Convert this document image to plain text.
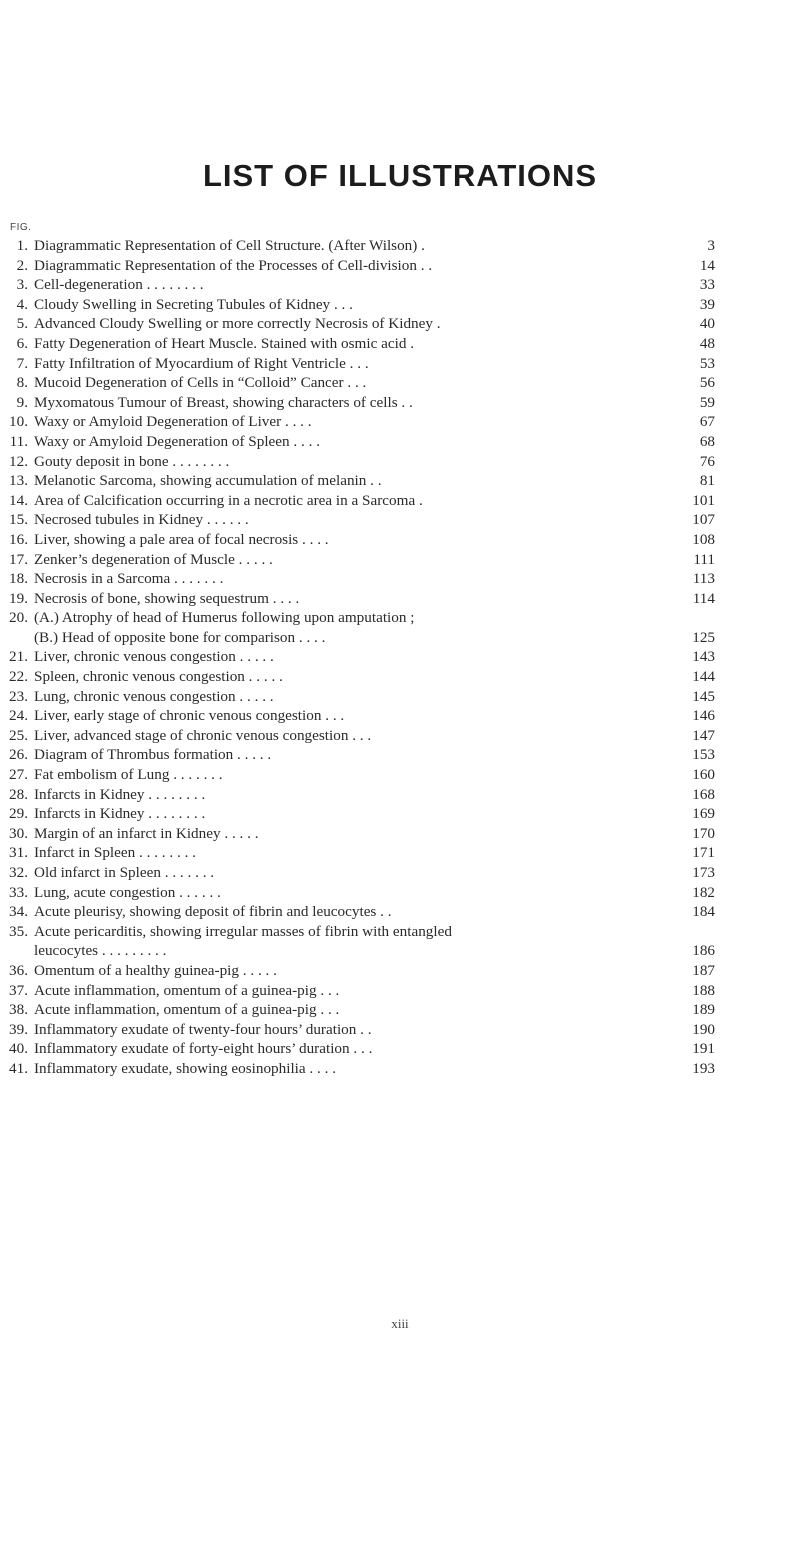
LIST OF ILLUSTRATIONS
FIG.
1. Diagrammatic Representation of Cell Structure. (After Wilson) .	3
2. Diagrammatic Representation of the Processes of Cell-division . .	14
3. Cell-degeneration . . . . . . . .	33
4. Cloudy Swelling in Secreting Tubules of Kidney . . .	39
5. Advanced Cloudy Swelling or more correctly Necrosis of Kidney .	40
6. Fatty Degeneration of Heart Muscle. Stained with osmic acid .	48
7. Fatty Infiltration of Myocardium of Right Ventricle . . .	53
8. Mucoid Degeneration of Cells in “Colloid” Cancer . . .	56
9. Myxomatous Tumour of Breast, showing characters of cells . .	59
10. Waxy or Amyloid Degeneration of Liver . . . .	67
11. Waxy or Amyloid Degeneration of Spleen . . . .	68
12. Gouty deposit in bone . . . . . . . .	76
13. Melanotic Sarcoma, showing accumulation of melanin . .	81
14. Area of Calcification occurring in a necrotic area in a Sarcoma .	101
15. Necrosed tubules in Kidney . . . . . .	107
16. Liver, showing a pale area of focal necrosis . . . .	108
17. Zenker’s degeneration of Muscle . . . . .	111
18. Necrosis in a Sarcoma . . . . . . .	113
19. Necrosis of bone, showing sequestrum . . . .	114
20. (A.) Atrophy of head of Humerus following upon amputation ;
(B.) Head of opposite bone for comparison . . . .	125
21. Liver, chronic venous congestion . . . . .	143
22. Spleen, chronic venous congestion . . . . .	144
23. Lung, chronic venous congestion . . . . .	145
24. Liver, early stage of chronic venous congestion . . .	146
25. Liver, advanced stage of chronic venous congestion . . .	147
26. Diagram of Thrombus formation . . . . .	153
27. Fat embolism of Lung . . . . . . .	160
28. Infarcts in Kidney . . . . . . . .	168
29. Infarcts in Kidney . . . . . . . .	169
30. Margin of an infarct in Kidney . . . . .	170
31. Infarct in Spleen . . . . . . . .	171
32. Old infarct in Spleen . . . . . . .	173
33. Lung, acute congestion . . . . . .	182
34. Acute pleurisy, showing deposit of fibrin and leucocytes . .	184
35. Acute pericarditis, showing irregular masses of fibrin with entangled
leucocytes . . . . . . . . .	186
36. Omentum of a healthy guinea-pig . . . . .	187
37. Acute inflammation, omentum of a guinea-pig . . .	188
38. Acute inflammation, omentum of a guinea-pig . . .	189
39. Inflammatory exudate of twenty-four hours’ duration . .	190
40. Inflammatory exudate of forty-eight hours’ duration . . .	191
41. Inflammatory exudate, showing eosinophilia . . . .	193
xiii
